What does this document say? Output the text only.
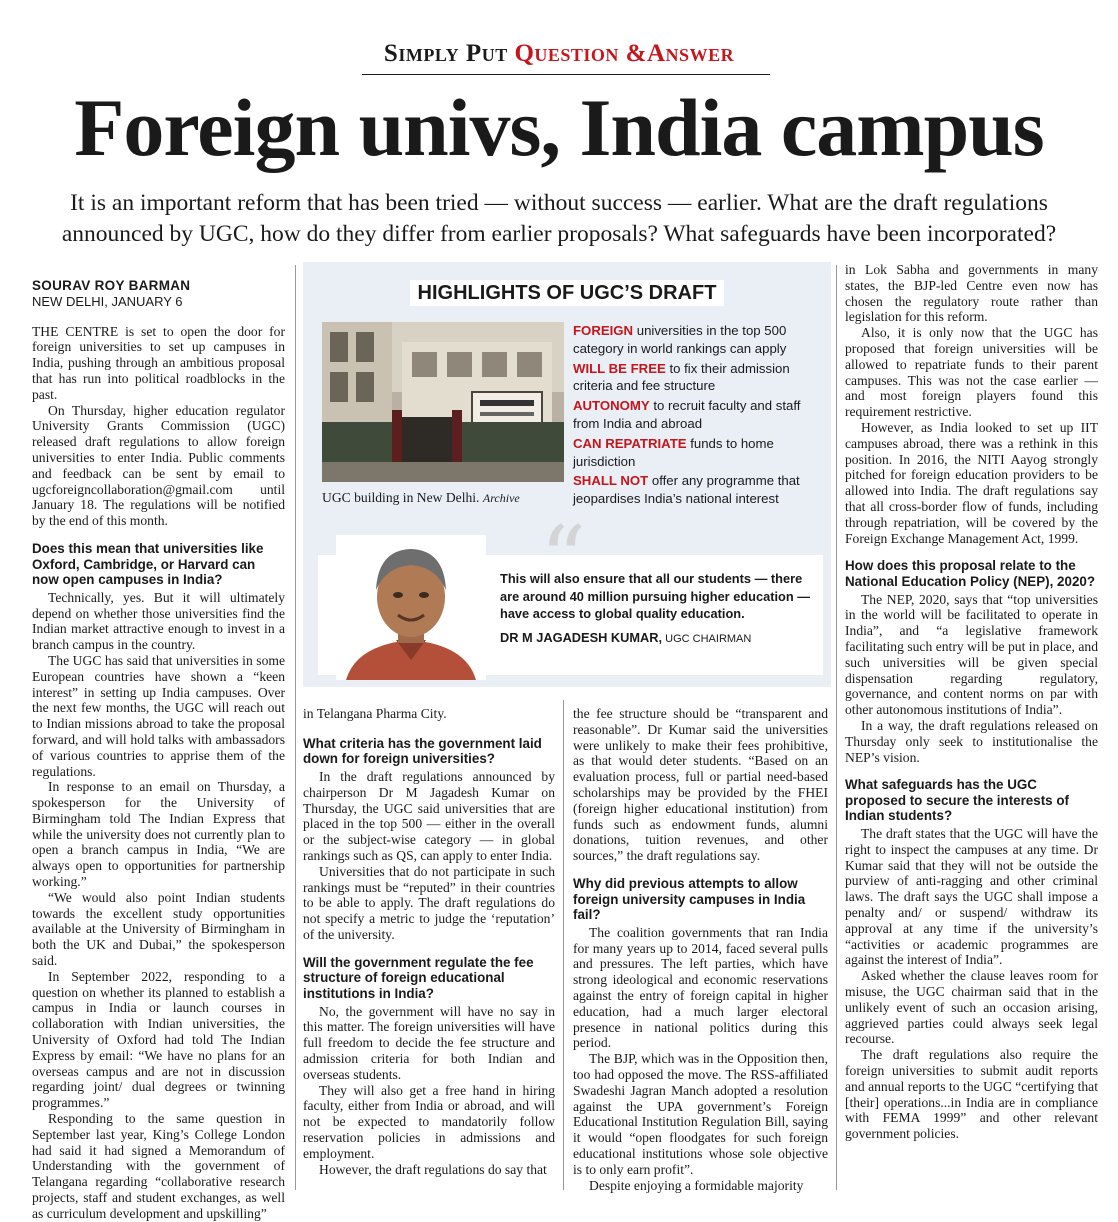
Simply Put Question &Answer
Foreign univs, India campus
It is an important reform that has been tried — without success — earlier. What are the draft regulations announced by UGC, how do they differ from earlier proposals? What safeguards have been incorporated?
SOURAV ROY BARMAN
NEW DELHI, JANUARY 6

THE CENTRE is set to open the door for foreign universities to set up campuses in India, pushing through an ambitious proposal that has run into political roadblocks in the past.

On Thursday, higher education regulator University Grants Commission (UGC) released draft regulations to allow foreign universities to enter India. Public comments and feedback can be sent by email to ugcforeigncollaboration@gmail.com until January 18. The regulations will be notified by the end of this month.

Does this mean that universities like Oxford, Cambridge, or Harvard can now open campuses in India?

Technically, yes. But it will ultimately depend on whether those universities find the Indian market attractive enough to invest in a branch campus in the country.

The UGC has said that universities in some European countries have shown a “keen interest” in setting up India campuses. Over the next few months, the UGC will reach out to Indian missions abroad to take the proposal forward, and will hold talks with ambassadors of various countries to apprise them of the regulations.

In response to an email on Thursday, a spokesperson for the University of Birmingham told The Indian Express that while the university does not currently plan to open a branch campus in India, “We are always open to opportunities for partnership working.”

“We would also point Indian students towards the excellent study opportunities available at the University of Birmingham in both the UK and Dubai,” the spokesperson said.

In September 2022, responding to a question on whether its planned to establish a campus in India or launch courses in collaboration with Indian universities, the University of Oxford had told The Indian Express by email: “We have no plans for an overseas campus and are not in discussion regarding joint/ dual degrees or twinning programmes.”

Responding to the same question in September last year, King’s College London had said it had signed a Memorandum of Understanding with the government of Telangana regarding “collaborative research projects, staff and student exchanges, as well as curriculum development and upskilling”

HIGHLIGHTS OF UGC’S DRAFT
UGC building in New Delhi. Archive
FOREIGN universities in the top 500 category in world rankings can apply
WILL BE FREE to fix their admission criteria and fee structure
AUTONOMY to recruit faculty and staff from India and abroad
CAN REPATRIATE funds to home jurisdiction
SHALL NOT offer any programme that jeopardises India’s national interest
“
This will also ensure that all our students — there are around 40 million pursuing higher education — have access to global quality education.
DR M JAGADESH KUMAR, UGC CHAIRMAN

in Telangana Pharma City.

What criteria has the government laid down for foreign universities?

In the draft regulations announced by chairperson Dr M Jagadesh Kumar on Thursday, the UGC said universities that are placed in the top 500 — either in the overall or the subject-wise category — in global rankings such as QS, can apply to enter India.

Universities that do not participate in such rankings must be “reputed” in their countries to be able to apply. The draft regulations do not specify a metric to judge the ‘reputation’ of the university.

Will the government regulate the fee structure of foreign educational institutions in India?

No, the government will have no say in this matter. The foreign universities will have full freedom to decide the fee structure and admission criteria for both Indian and overseas students.

They will also get a free hand in hiring faculty, either from India or abroad, and will not be expected to mandatorily follow reservation policies in admissions and employment.

However, the draft regulations do say that

the fee structure should be “transparent and reasonable”. Dr Kumar said the universities were unlikely to make their fees prohibitive, as that would deter students. “Based on an evaluation process, full or partial need-based scholarships may be provided by the FHEI (foreign higher educational institution) from funds such as endowment funds, alumni donations, tuition revenues, and other sources,” the draft regulations say.

Why did previous attempts to allow foreign university campuses in India fail?

The coalition governments that ran India for many years up to 2014, faced several pulls and pressures. The left parties, which have strong ideological and economic reservations against the entry of foreign capital in higher education, had a much larger electoral presence in national politics during this period.

The BJP, which was in the Opposition then, too had opposed the move. The RSS-affiliated Swadeshi Jagran Manch adopted a resolution against the UPA government’s Foreign Educational Institution Regulation Bill, saying it would “open floodgates for such foreign educational institutions whose sole objective is to only earn profit”.

Despite enjoying a formidable majority

in Lok Sabha and governments in many states, the BJP-led Centre even now has chosen the regulatory route rather than legislation for this reform.

Also, it is only now that the UGC has proposed that foreign universities will be allowed to repatriate funds to their parent campuses. This was not the case earlier — and most foreign players found this requirement restrictive.

However, as India looked to set up IIT campuses abroad, there was a rethink in this position. In 2016, the NITI Aayog strongly pitched for foreign education providers to be allowed into India. The draft regulations say that all cross-border flow of funds, including through repatriation, will be covered by the Foreign Exchange Management Act, 1999.

How does this proposal relate to the National Education Policy (NEP), 2020?

The NEP, 2020, says that “top universities in the world will be facilitated to operate in India”, and “a legislative framework facilitating such entry will be put in place, and such universities will be given special dispensation regarding regulatory, governance, and content norms on par with other autonomous institutions of India”.

In a way, the draft regulations released on Thursday only seek to institutionalise the NEP’s vision.

What safeguards has the UGC proposed to secure the interests of Indian students?

The draft states that the UGC will have the right to inspect the campuses at any time. Dr Kumar said that they will not be outside the purview of anti-ragging and other criminal laws. The draft says the UGC shall impose a penalty and/ or suspend/ withdraw its approval at any time if the university’s “activities or academic programmes are against the interest of India”.

Asked whether the clause leaves room for misuse, the UGC chairman said that in the unlikely event of such an occasion arising, aggrieved parties could always seek legal recourse.

The draft regulations also require the foreign universities to submit audit reports and annual reports to the UGC “certifying that [their] operations...in India are in compliance with FEMA 1999” and other relevant government policies.
